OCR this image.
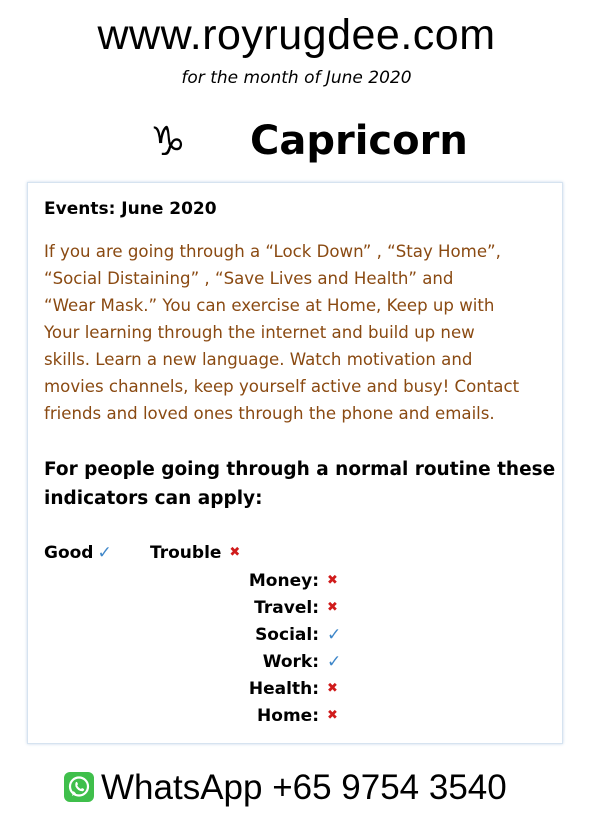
www.royrugdee.com
for the month of June 2020
♑ Capricorn
Events: June 2020
If you are going through a “Lock Down” , “Stay Home”,
“Social Distaining” , “Save Lives and Health” and
“Wear Mask.” You can exercise at Home, Keep up with
Your learning through the internet and build up new
skills. Learn a new language. Watch motivation and
movies channels, keep yourself active and busy! Contact
friends and loved ones through the phone and emails.
For people going through a normal routine these
indicators can apply:
Good ✓ Trouble ✖
Money: ✖
Travel: ✖
Social: ✓
Work: ✓
Health: ✖
Home: ✖
WhatsApp +65 9754 3540
